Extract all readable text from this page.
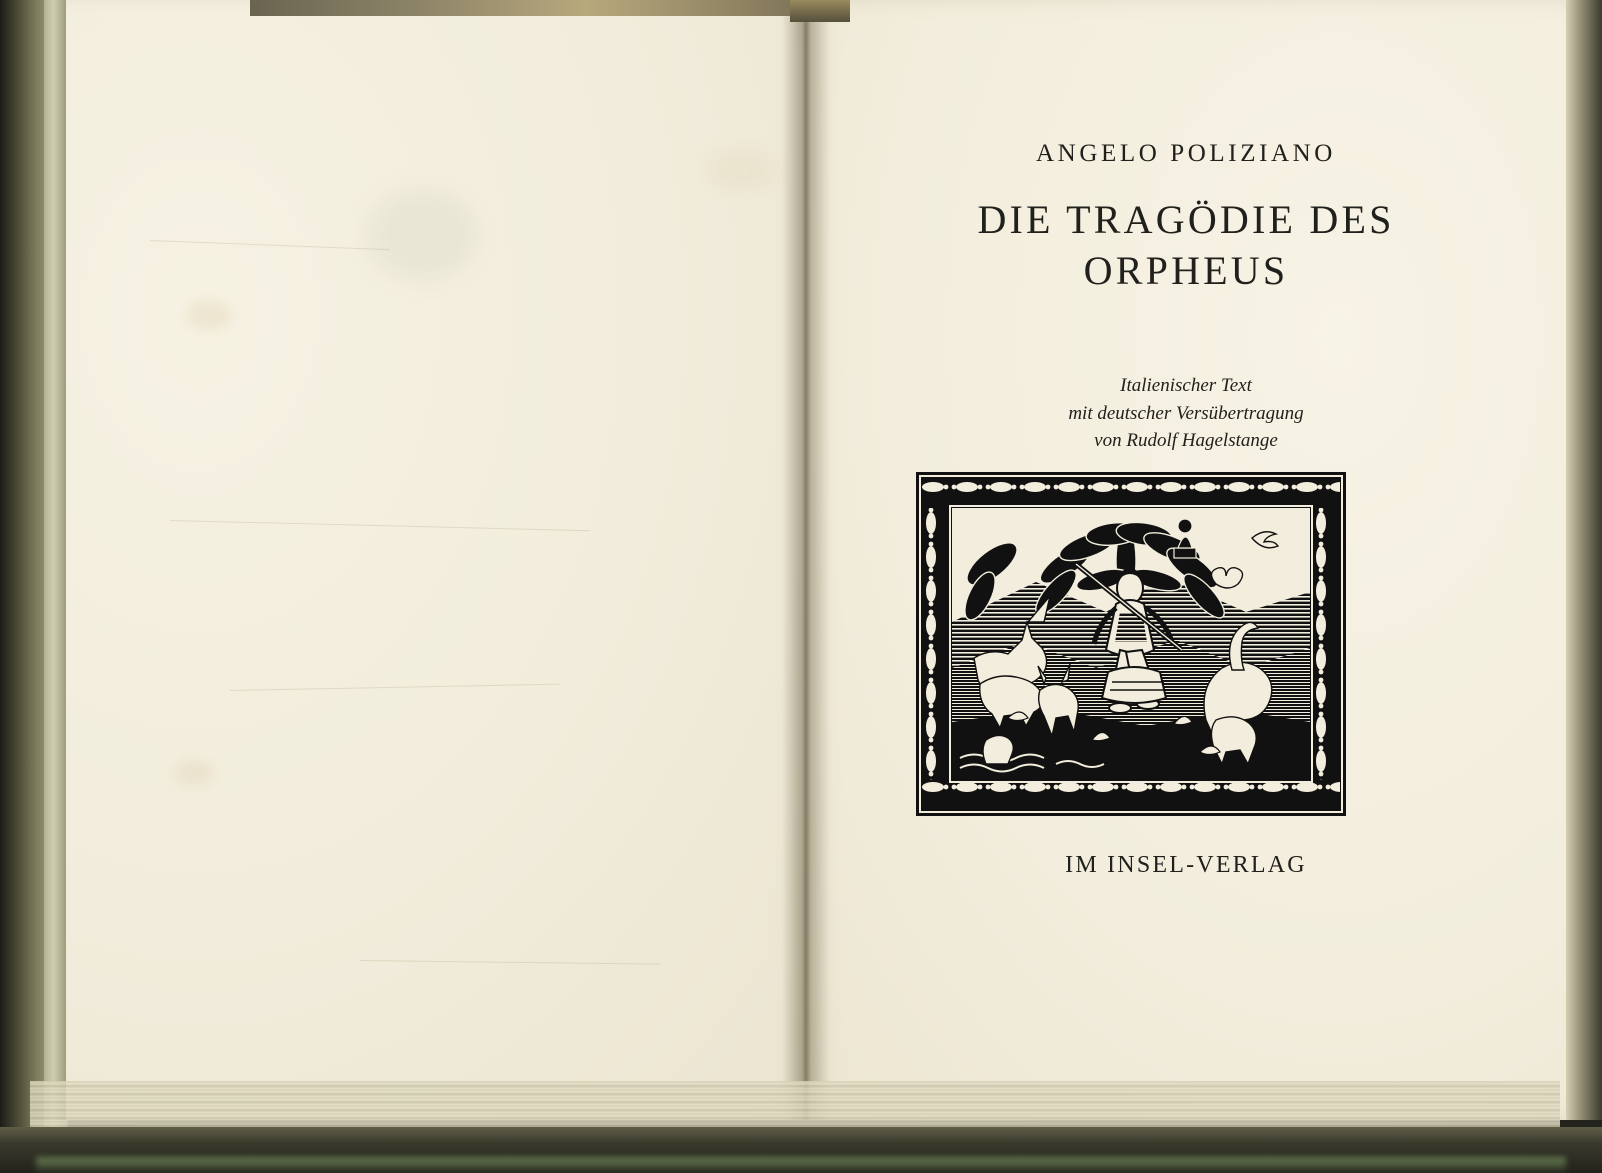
ANGELO POLIZIANO
DIE TRAGÖDIE DES
ORPHEUS
Italienischer Text
mit deutscher Versübertragung
von Rudolf Hagelstange
IM INSEL-VERLAG
